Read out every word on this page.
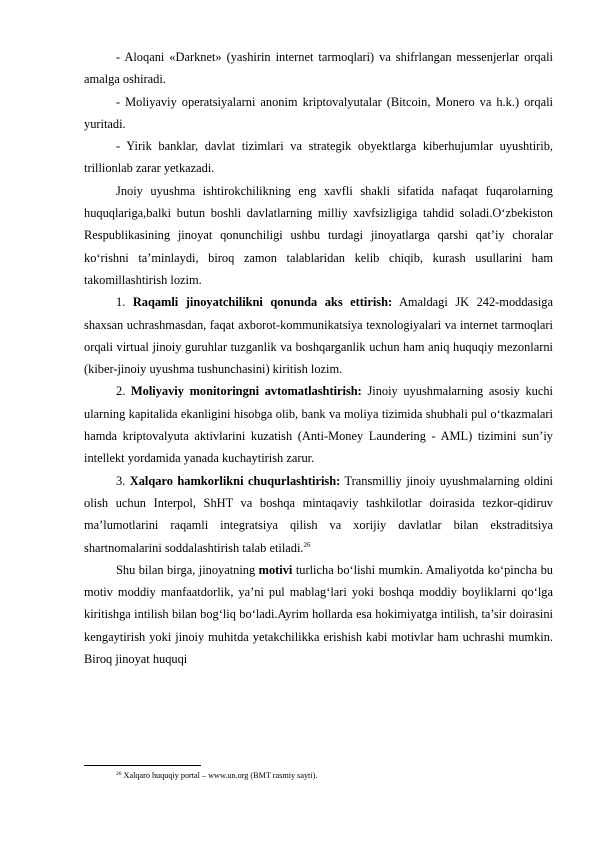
- Aloqani «Darknet» (yashirin internet tarmoqlari) va shifrlangan messenjerlar orqali amalga oshiradi.

- Moliyaviy operatsiyalarni anonim kriptovalyutalar (Bitcoin, Monero va h.k.) orqali yuritadi.

- Yirik banklar, davlat tizimlari va strategik obyektlarga kiberhujumlar uyushtirib, trillionlab zarar yetkazadi.

Jnoiy uyushma ishtirokchilikning eng xavfli shakli sifatida nafaqat fuqarolarning huquqlariga,balki butun boshli davlatlarning milliy xavfsizligiga tahdid soladi.O‘zbekiston Respublikasining jinoyat qonunchiligi ushbu turdagi jinoyatlarga qarshi qat’iy choralar ko‘rishni ta’minlaydi, biroq zamon talablaridan kelib chiqib, kurash usullarini ham takomillashtirish lozim.

1. Raqamli jinoyatchilikni qonunda aks ettirish: Amaldagi JK 242-moddasiga shaxsan uchrashmasdan, faqat axborot-kommunikatsiya texnologiyalari va internet tarmoqlari orqali virtual jinoiy guruhlar tuzganlik va boshqarganlik uchun ham aniq huquqiy mezonlarni (kiber-jinoiy uyushma tushunchasini) kiritish lozim.

2. Moliyaviy monitoringni avtomatlashtirish: Jinoiy uyushmalarning asosiy kuchi ularning kapitalida ekanligini hisobga olib, bank va moliya tizimida shubhali pul o‘tkazmalari hamda kriptovalyuta aktivlarini kuzatish (Anti-Money Laundering - AML) tizimini sun’iy intellekt yordamida yanada kuchaytirish zarur.

3. Xalqaro hamkorlikni chuqurlashtirish: Transmilliy jinoiy uyushmalarning oldini olish uchun Interpol, ShHT va boshqa mintaqaviy tashkilotlar doirasida tezkor-qidiruv ma’lumotlarini raqamli integratsiya qilish va xorijiy davlatlar bilan ekstraditsiya shartnomalarini soddalashtirish talab etiladi.$^{26}$

Shu bilan birga, jinoyatning motivi turlicha bo‘lishi mumkin. Amaliyotda ko‘pincha bu motiv moddiy manfaatdorlik, ya’ni pul mablag‘lari yoki boshqa moddiy boyliklarni qo‘lga kiritishga intilish bilan bog‘liq bo‘ladi.Ayrim hollarda esa hokimiyatga intilish, ta’sir doirasini kengaytirish yoki jinoiy muhitda yetakchilikka erishish kabi motivlar ham uchrashi mumkin. Biroq jinoyat huquqi

$^{26}$ Xalqaro huquqiy portal – www.un.org (BMT rasmiy sayti).
